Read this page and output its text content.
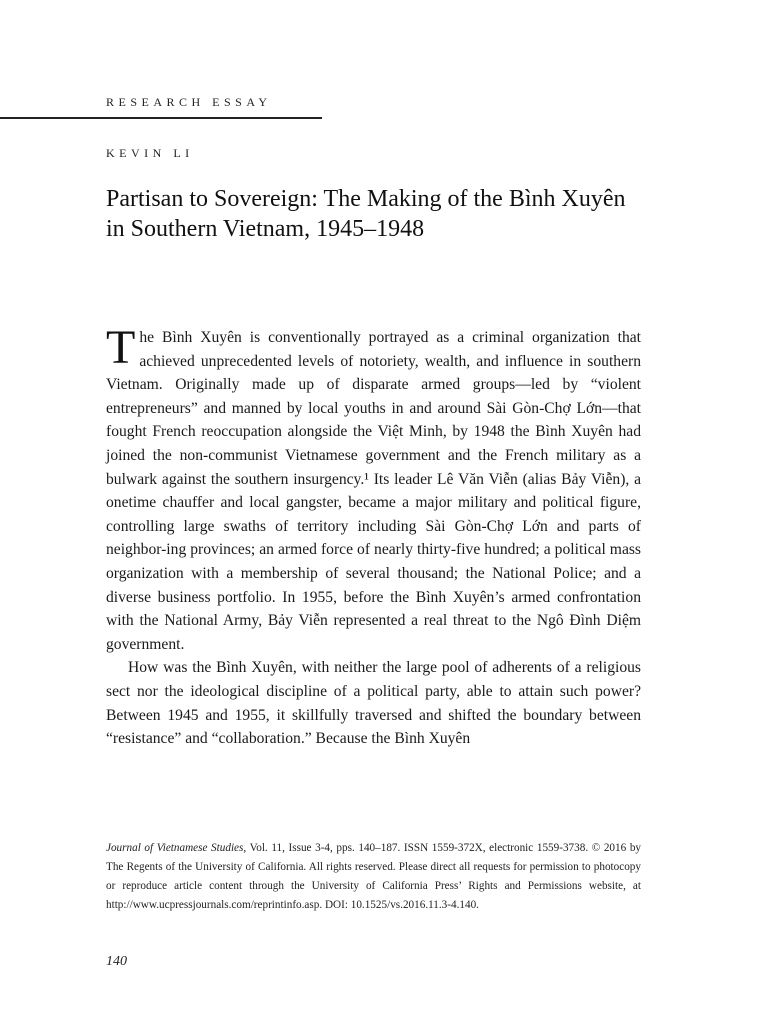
RESEARCH ESSAY
KEVIN LI
Partisan to Sovereign: The Making of the Bình Xuyên in Southern Vietnam, 1945–1948

The Bình Xuyên is conventionally portrayed as a criminal organization that achieved unprecedented levels of notoriety, wealth, and influence in southern Vietnam. Originally made up of disparate armed groups—led by “violent entrepreneurs” and manned by local youths in and around Sài Gòn-Chợ Lớn—that fought French reoccupation alongside the Việt Minh, by 1948 the Bình Xuyên had joined the non-communist Vietnamese government and the French military as a bulwark against the southern insurgency.¹ Its leader Lê Văn Viễn (alias Bảy Viễn), a onetime chauffer and local gangster, became a major military and political figure, controlling large swaths of territory including Sài Gòn-Chợ Lớn and parts of neighbor-ing provinces; an armed force of nearly thirty-five hundred; a political mass organization with a membership of several thousand; the National Police; and a diverse business portfolio. In 1955, before the Bình Xuyên’s armed confrontation with the National Army, Bảy Viễn represented a real threat to the Ngô Đình Diệm government.

How was the Bình Xuyên, with neither the large pool of adherents of a religious sect nor the ideological discipline of a political party, able to attain such power? Between 1945 and 1955, it skillfully traversed and shifted the boundary between “resistance” and “collaboration.” Because the Bình Xuyên

Journal of Vietnamese Studies, Vol. 11, Issue 3-4, pps. 140–187. ISSN 1559-372X, electronic 1559-3738. © 2016 by The Regents of the University of California. All rights reserved. Please direct all requests for permission to photocopy or reproduce article content through the University of California Press’ Rights and Permissions website, at http://www.ucpressjournals.com/reprintinfo.asp. DOI: 10.1525/vs.2016.11.3-4.140.
140
